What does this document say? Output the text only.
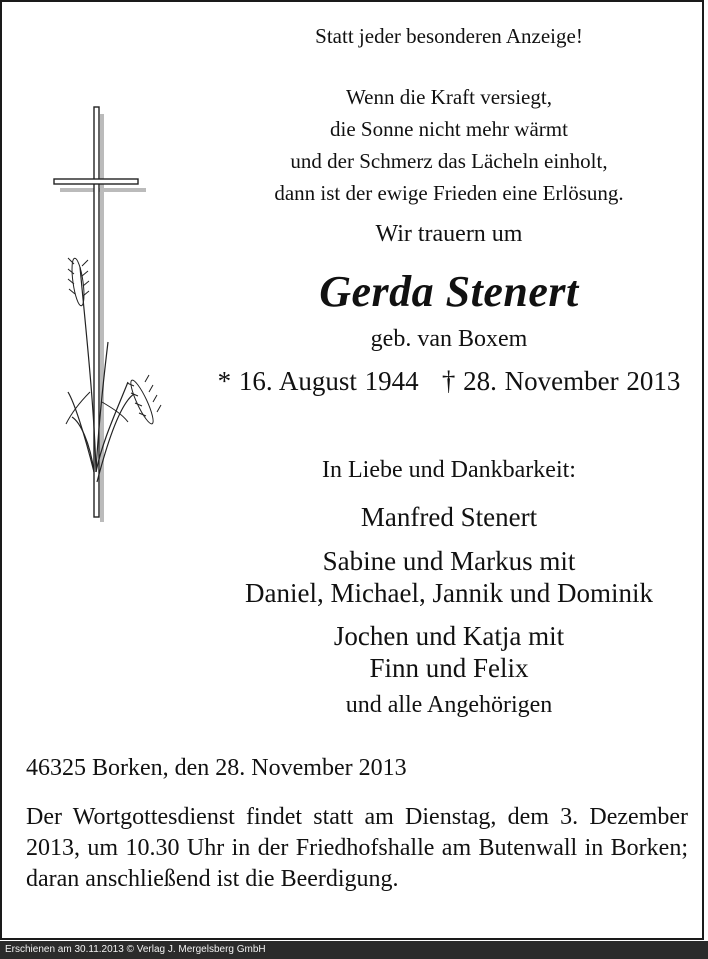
Statt jeder besonderen Anzeige!
Wenn die Kraft versiegt,
die Sonne nicht mehr wärmt
und der Schmerz das Lächeln einholt,
dann ist der ewige Frieden eine Erlösung.
Wir trauern um
Gerda Stenert
geb. van Boxem
* 16. August 1944   † 28. November 2013
In Liebe und Dankbarkeit:
Manfred Stenert
Sabine und Markus mit
Daniel, Michael, Jannik und Dominik
Jochen und Katja mit
Finn und Felix
und alle Angehörigen
46325 Borken, den 28. November 2013
Der Wortgottesdienst findet statt am Dienstag, dem 3. Dezember 2013, um 10.30 Uhr in der Friedhofshalle am Butenwall in Borken; daran anschließend ist die Beerdigung.
Erschienen am 30.11.2013 © Verlag J. Mergelsberg GmbH
